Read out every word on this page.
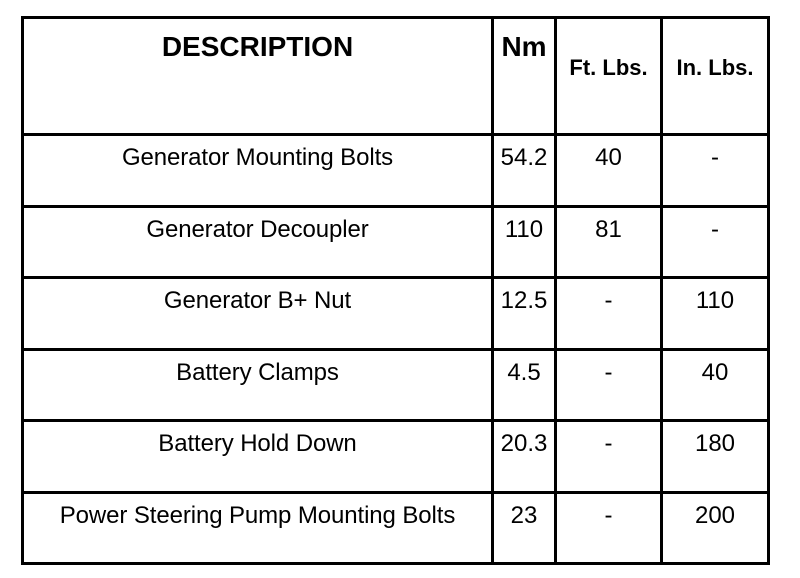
DESCRIPTION	Nm	Ft. Lbs.	In. Lbs.
Generator Mounting Bolts	54.2	40	-
Generator Decoupler	110	81	-
Generator B+ Nut	12.5	-	110
Battery Clamps	4.5	-	40
Battery Hold Down	20.3	-	180
Power Steering Pump Mounting Bolts	23	-	200
